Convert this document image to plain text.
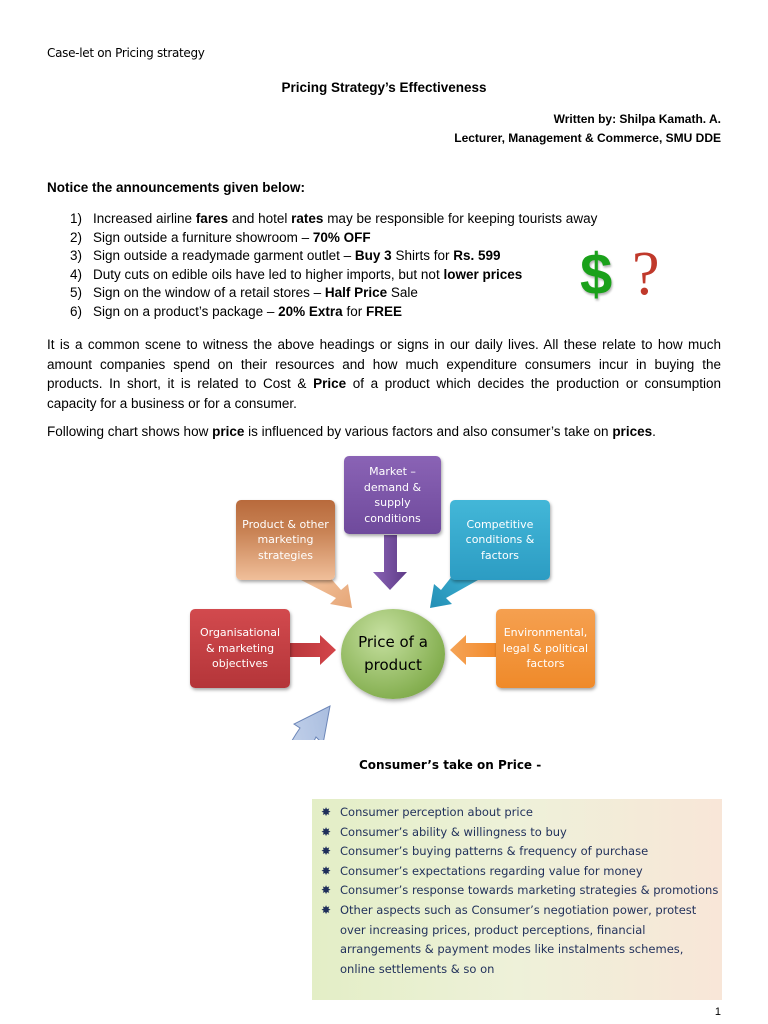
Case-let on Pricing strategy
Pricing Strategy’s Effectiveness
Written by: Shilpa Kamath. A.
Lecturer, Management & Commerce, SMU DDE
Notice the announcements given below:
1) Increased airline fares and hotel rates may be responsible for keeping tourists away
2) Sign outside a furniture showroom – 70% OFF
3) Sign outside a readymade garment outlet – Buy 3 Shirts for Rs. 599
4) Duty cuts on edible oils have led to higher imports, but not lower prices
5) Sign on the window of a retail stores – Half Price Sale
6) Sign on a product’s package – 20% Extra for FREE
$ ?
It is a common scene to witness the above headings or signs in our daily lives. All these relate to how much amount companies spend on their resources and how much expenditure consumers incur in buying the products. In short, it is related to Cost & Price of a product which decides the production or consumption capacity for a business or for a consumer.
Following chart shows how price is influenced by various factors and also consumer’s take on prices.
Market – demand & supply conditions
Product & other marketing strategies
Competitive conditions & factors
Organisational & marketing objectives
Environmental, legal & political factors
Price of a product
Consumer’s take on Price -
✸ Consumer perception about price
✸ Consumer’s ability & willingness to buy
✸ Consumer’s buying patterns & frequency of purchase
✸ Consumer’s expectations regarding value for money
✸ Consumer’s response towards marketing strategies & promotions
✸ Other aspects such as Consumer’s negotiation power, protest over increasing prices, product perceptions, financial arrangements & payment modes like instalments schemes, online settlements & so on
1
